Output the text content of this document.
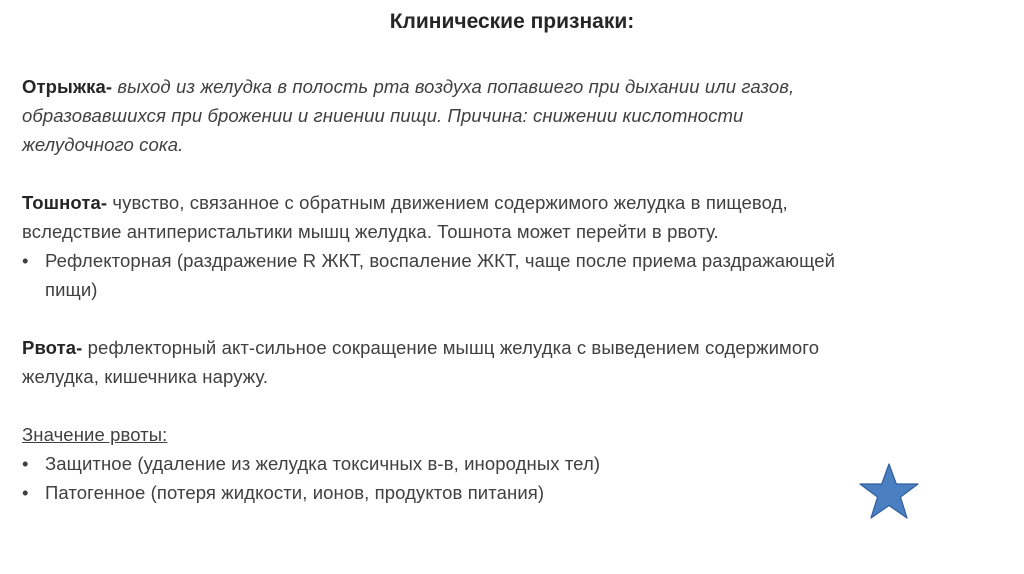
Клинические признаки:
Отрыжка- выход из желудка в полость рта воздуха попавшего при дыхании или газов,
образовавшихся при брожении и гниении пищи. Причина: снижении кислотности
желудочного сока.
Тошнота- чувство, связанное с обратным движением содержимого желудка в пищевод,
вследствие антиперистальтики мышц желудка. Тошнота может перейти в рвоту.
• Рефлекторная (раздражение R ЖКТ, воспаление ЖКТ, чаще после приема раздражающей
пищи)
Рвота- рефлекторный акт-сильное сокращение мышц желудка с выведением содержимого
желудка, кишечника наружу.
Значение рвоты:
• Защитное (удаление из желудка токсичных в-в, инородных тел)
• Патогенное (потеря жидкости, ионов, продуктов питания)
